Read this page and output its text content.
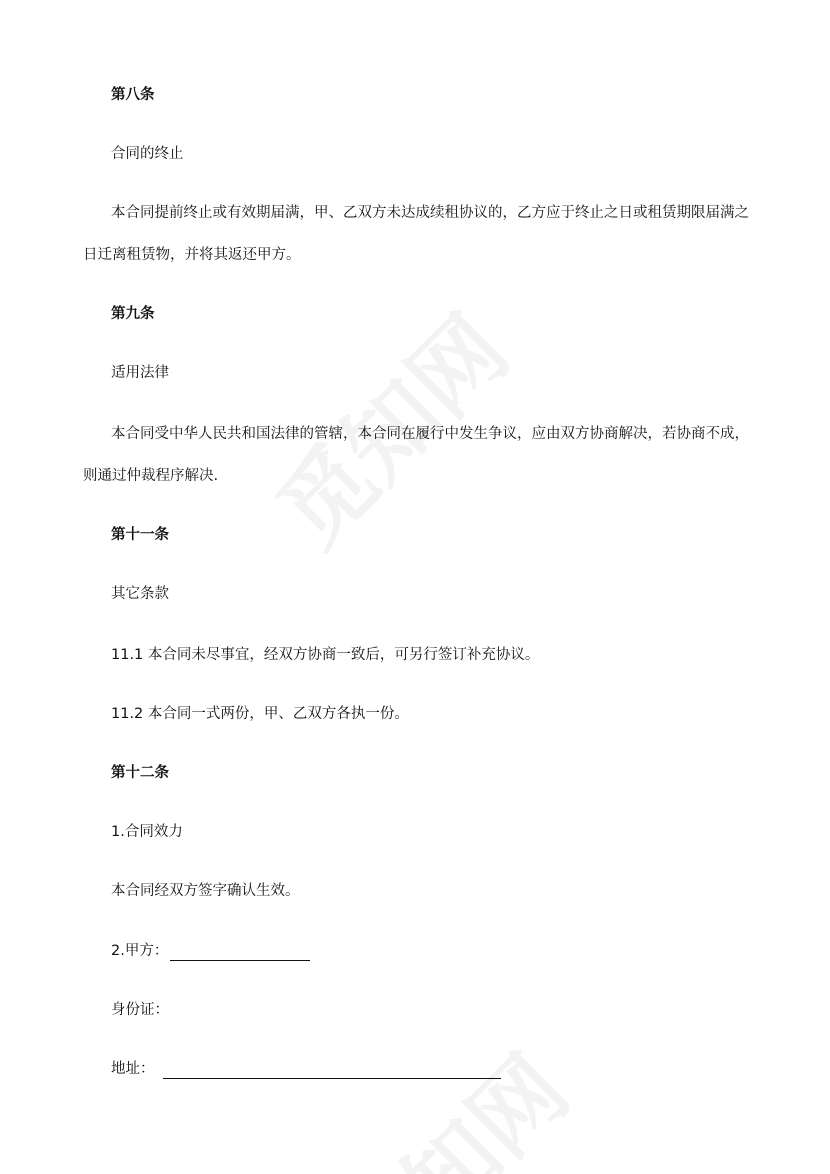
第八条
合同的终止
本合同提前终止或有效期届满，甲、乙双方未达成续租协议的，乙方应于终止之日或租赁期限届满之
日迁离租赁物，并将其返还甲方。
第九条
适用法律
本合同受中华人民共和国法律的管辖，本合同在履行中发生争议，应由双方协商解决，若协商不成，
则通过仲裁程序解决.
第十一条
其它条款
11.1 本合同未尽事宜，经双方协商一致后，可另行签订补充协议。
11.2 本合同一式两份，甲、乙双方各执一份。
第十二条
1.合同效力
本合同经双方签字确认生效。
2.甲方：
身份证：
地址：
